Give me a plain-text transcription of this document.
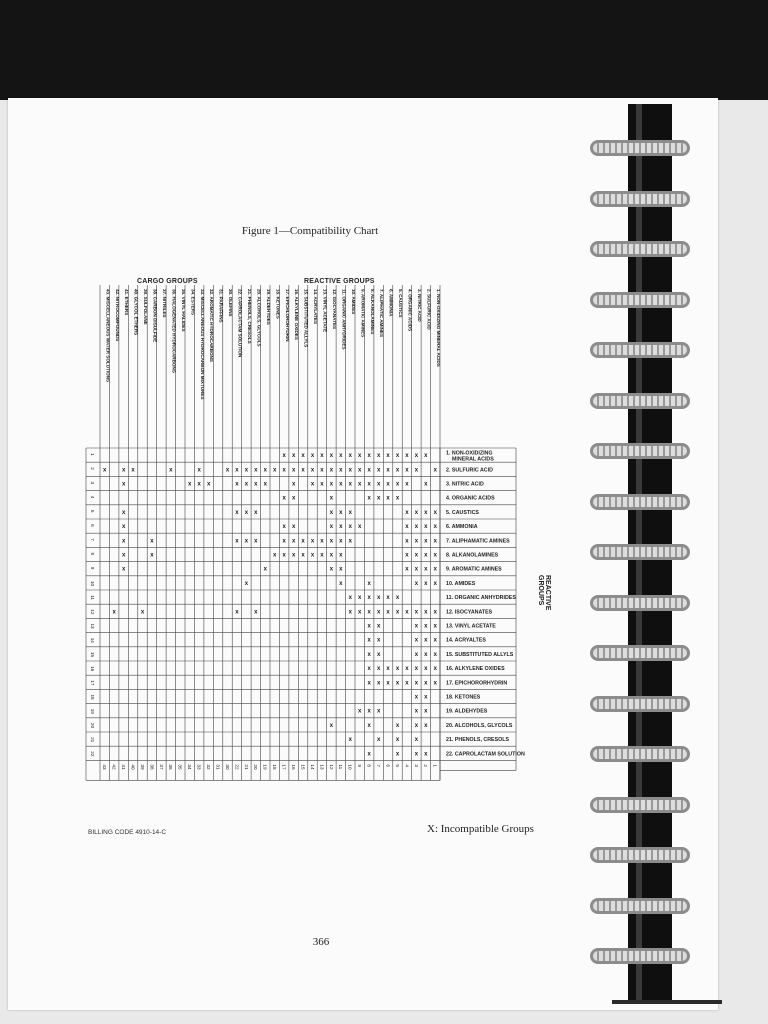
Figure 1—Compatibility Chart
CARGO GROUPS	REACTIVE GROUPS
REACTIVE GROUPS
1. NON-OXIDIZING MINERAL ACIDS
1
2. SULFURIC ACID
2
3. NITRIC ACID
3
4. ORGANIC ACIDS
4
5. CAUSTICS
5
6. AMMONIA
6
7. ALIPHATIC AMINES
7
8. ALKANOLAMINES
8
9. AROMATIC AMINES
9
10. AMIDES
10
11. ORGANIC ANHYDRIDES
11
12. ISOCYANATES
12
13. VINYL ACETATE
13
14. ACRYLATES
14
15. SUBSTITUTED ALLYLS
15
16. ALKYLENE OXIDES
16
17. EPICHLOROHYDRIN
17
18. KETONES
18
19. ALDEHYDES
19
20. ALCOHOLS, GLYCOLS
20
21. PHENOLS, CRESOLS
21
22. CAPROLACTAM SOLUTION
22
30. OLEFINS
30
31. PARAFFINS
31
32. AROMATIC HYDROCARBONS
32
33. MISCELLANEOUS HYDROCARBON MIXTURES
33
34. ESTERS
34
35. VINYL HALIDES
35
36. HALOGENATED HYDROCARBONS
36
37. NITRILES
37
38. CARBON DISULFIDE
38
39. SULFOLANE
39
40. GLYCOL ETHERS
40
41. ETHERS
41
42. NITROCOMPOUNDS
42
43. MISCELLANEOUS WATER SOLUTIONS
43
1. NON-OXIDIZING
MINERAL ACIDS
1
2. SULFURIC ACID
2
3. NITRIC ACID
3
4. ORGANIC ACIDS
4
5. CAUSTICS
5
6. AMMONIA
6
7. ALIPHAMATIC AMINES
7
8. ALKANOLAMINES
8
9. AROMATIC AMINES
9
10. AMIDES
10
11. ORGANIC ANHYDRIDES
11
12. ISOCYANATES
12
13. VINYL ACETATE
13
14. ACRYALTES
14
15. SUBSTITUTED ALLYLS
15
16. ALKYLENE OXIDES
16
17. EPICHORORHYDRIN
17
18. KETONES
18
19. ALDEHYDES
19
20. ALCOHOLS, GLYCOLS
20
21. PHENOLS, CRESOLS
21
22. CAPROLACTAM SOLUTION
22
x
x
x
x
x
x
x
x
x
x
x
x
x
x
x
x
x
x
x
x
x
x
x
x
x
x
x
x
x
x
x
x
x
x
x
x
x
x
x
x
x
x
x
x
x
x
x
x
x
x
x
x
x
x
x
x
x
x
x
x
x
x
x
x
x
x
x
x
x
x
x
x
x
x
x
x
x
x
x
x
x
x
x
x
x
x
x
x
x
x
x
x
x
x
x
x
x
x
x
x
x
x
x
x
x
x
x
x
x
x
x
x
x
x
x
x
x
x
x
x
x
x
x
x
x
x
x
x
x
x
x
x
x
x
x
x
x
x
x
x
x
x
x
x
x
x
x
x
x
x
x
x
x
x
x
x
x
x
x
x
x
x
x
x
x
x
x
x
x
x
x
x
x
x
x
x
x
x
x
x
x
x
x
x
x
x
x
x
x
x
x
x
x
x
x
x
x
x
x
x
x
x
x
x
x
x
x
x
x
X: Incompatible Groups
BILLING CODE 4910-14-C
366
